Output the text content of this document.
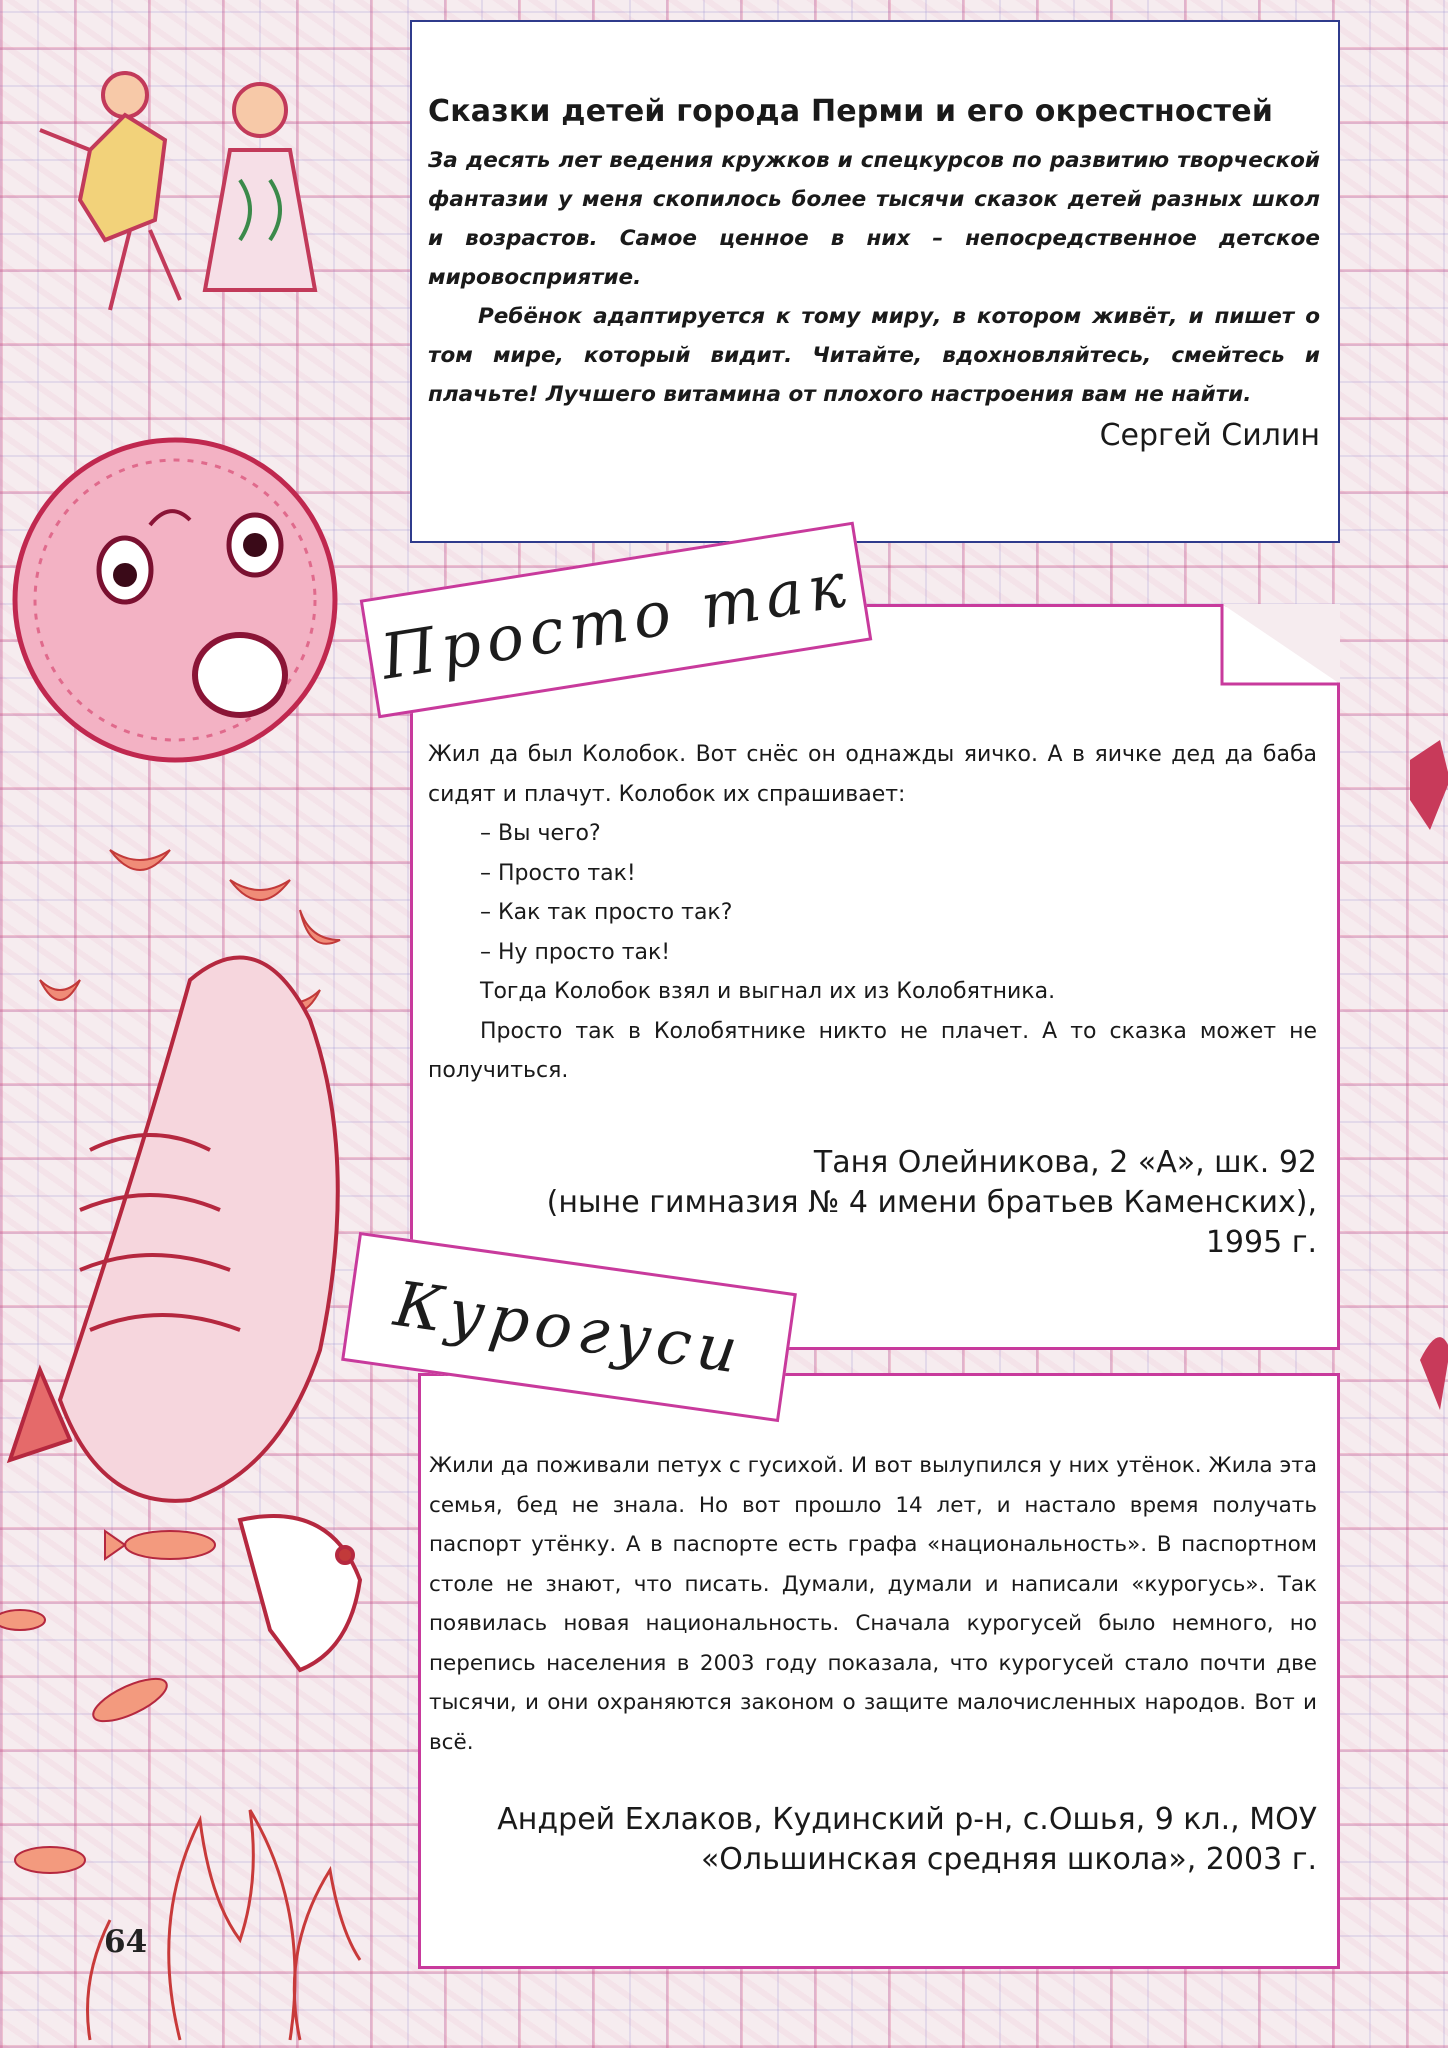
Сказки детей города Перми и его окрестностей

За десять лет ведения кружков и спецкурсов по развитию творческой фантазии у меня скопилось более тысячи сказок детей разных школ и возрастов. Самое ценное в них – непосредственное детское мировосприятие.

Ребёнок адаптируется к тому миру, в котором живёт, и пишет о том мире, который видит. Читайте, вдохновляйтесь, смейтесь и плачьте! Лучшего витамина от плохого настроения вам не найти.

Сергей Силин

Жил да был Колобок. Вот снёс он однажды яичко. А в яичке дед да баба сидят и плачут. Колобок их спрашивает:

– Вы чего?

– Просто так!

– Как так просто так?

– Ну просто так!

Тогда Колобок взял и выгнал их из Колобятника.

Просто так в Колобятнике никто не плачет. А то сказка может не получиться.

Таня Олейникова, 2 «А», шк. 92
(ныне гимназия № 4 имени братьев Каменских),
1995 г.

Жили да поживали петух с гусихой. И вот вылупился у них утёнок. Жила эта семья, бед не знала. Но вот прошло 14 лет, и настало время получать паспорт утёнку. А в паспорте есть графа «национальность». В паспортном столе не знают, что писать. Думали, думали и написали «курогусь». Так появилась новая национальность. Сначала курогусей было немного, но перепись населения в 2003 году показала, что курогусей стало почти две тысячи, и они охраняются законом о защите малочисленных народов. Вот и всё.

Андрей Ехлаков, Кудинский р-н, с.Ошья, 9 кл., МОУ
«Ольшинская средняя школа», 2003 г.
Просто так
Курогуси
64
